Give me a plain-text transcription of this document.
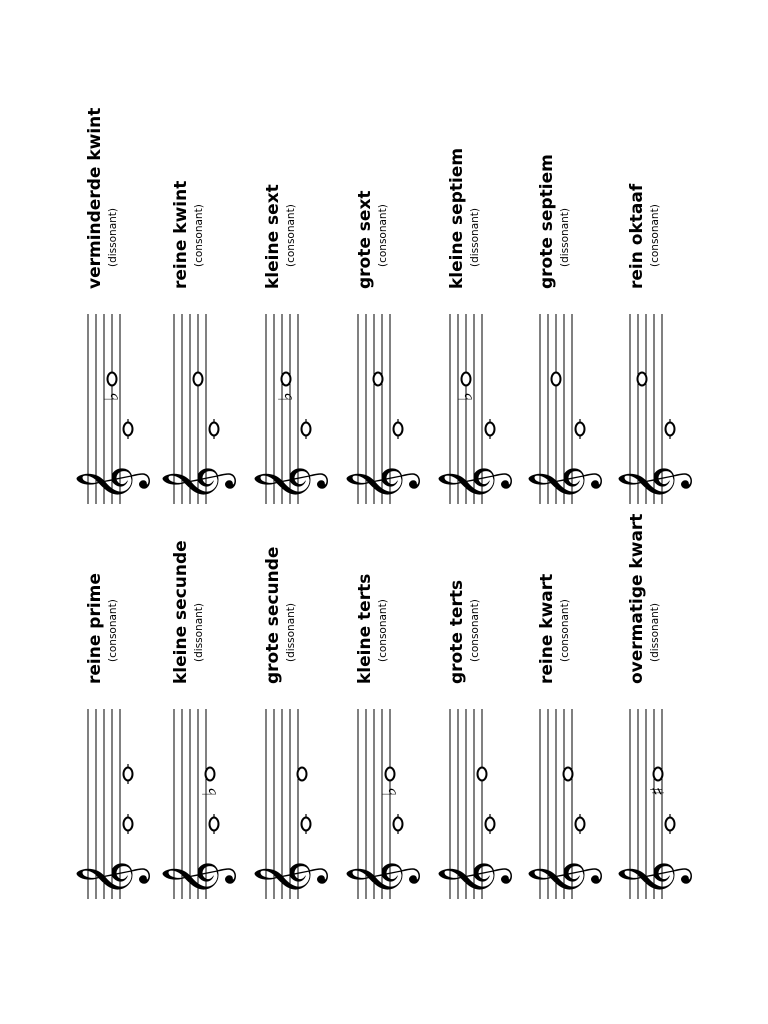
𝄞
reine prime (consonant)
𝄞
♭
kleine secunde (dissonant)
𝄞
grote secunde (dissonant)
𝄞
♭
kleine terts (consonant)
𝄞
grote terts (consonant)
𝄞
reine kwart (consonant)
𝄞
♯
overmatige kwart (dissonant)
𝄞
♭
verminderde kwint (dissonant)
𝄞
reine kwint (consonant)
𝄞
♭
kleine sext (consonant)
𝄞
grote sext (consonant)
𝄞
♭
kleine septiem (dissonant)
𝄞
grote septiem (dissonant)
𝄞
rein oktaaf (consonant)
